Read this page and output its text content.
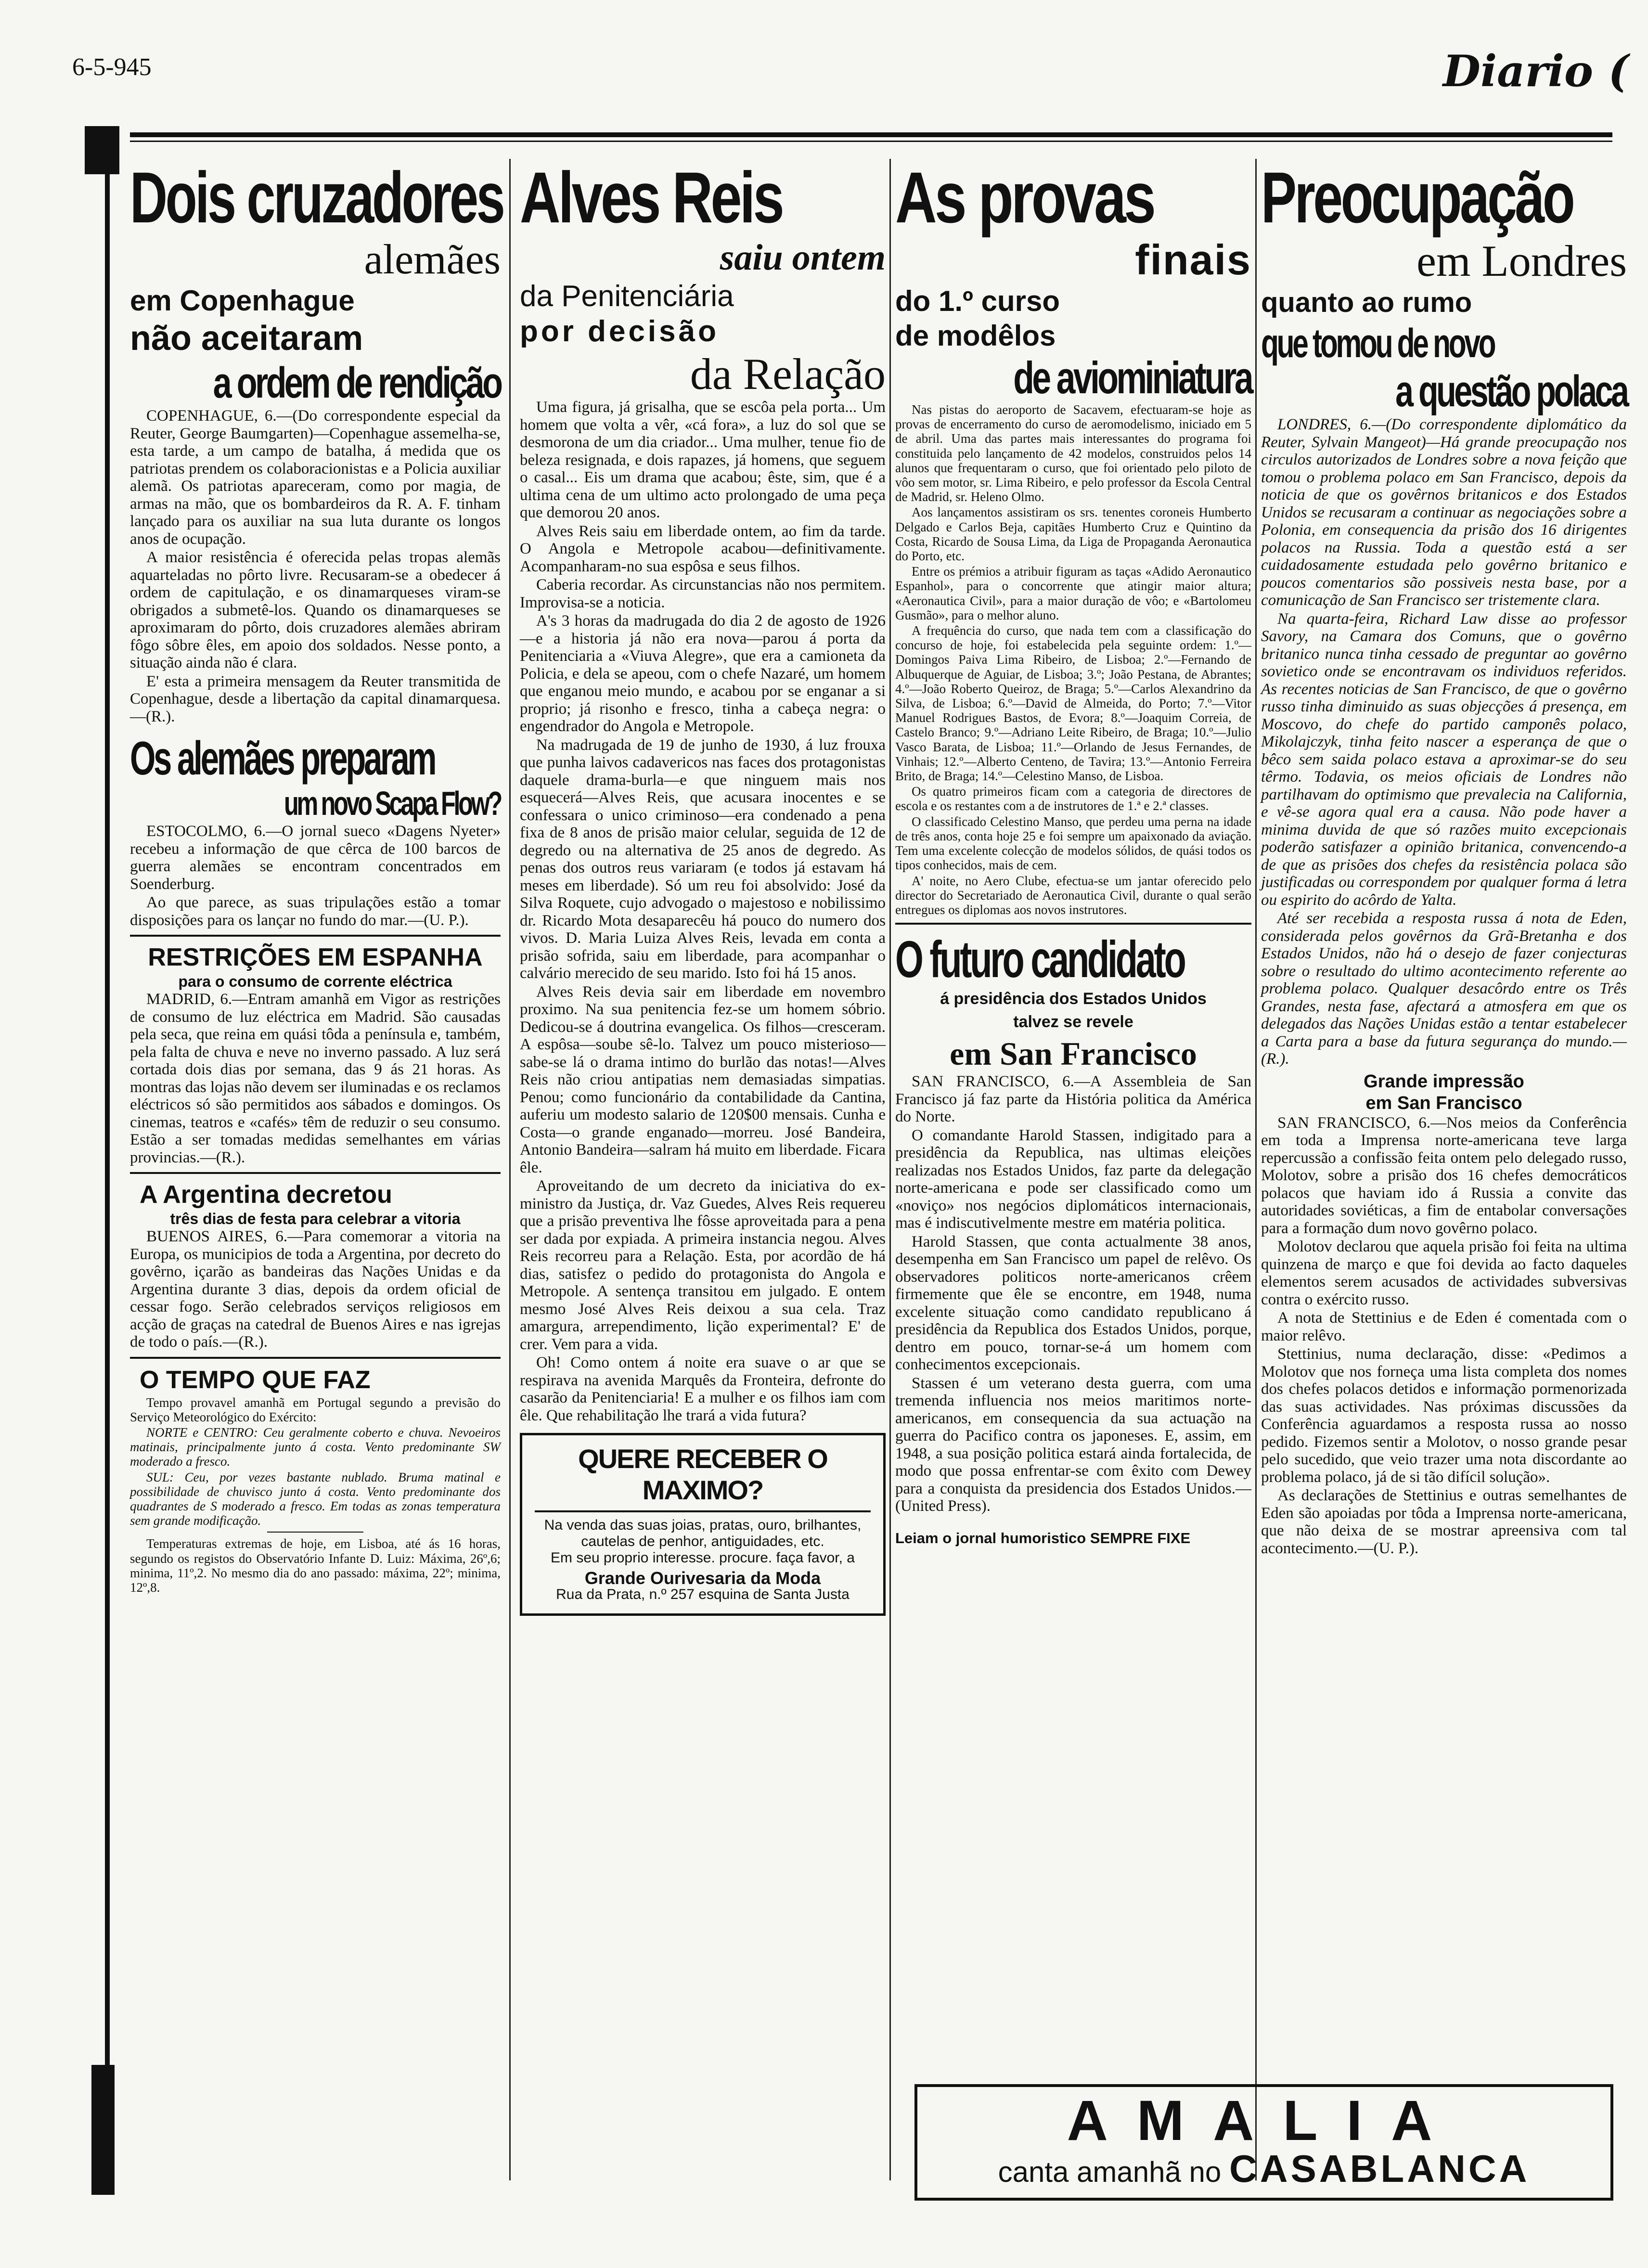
6-5-945	Diario (
Dois cruzadores
alemães
em Copenhague
não aceitaram
a ordem de rendição

COPENHAGUE, 6.—(Do correspondente especial da Reuter, George Baumgarten)—Copenhague assemelha-se, esta tarde, a um campo de batalha, á medida que os patriotas prendem os colaboracionistas e a Policia auxiliar alemã. Os patriotas apareceram, como por magia, de armas na mão, que os bombardeiros da R. A. F. tinham lançado para os auxiliar na sua luta durante os longos anos de ocupação.

A maior resistência é oferecida pelas tropas alemãs aquarteladas no pôrto livre. Recusaram-se a obedecer á ordem de capitulação, e os dinamarqueses viram-se obrigados a submetê-los. Quando os dinamarqueses se aproximaram do pôrto, dois cruzadores alemães abriram fôgo sôbre êles, em apoio dos soldados. Nesse ponto, a situação ainda não é clara.

E' esta a primeira mensagem da Reuter transmitida de Copenhague, desde a libertação da capital dinamarquesa.—(R.).

Os alemães preparam
um novo Scapa Flow?

ESTOCOLMO, 6.—O jornal sueco «Dagens Nyeter» recebeu a informação de que cêrca de 100 barcos de guerra alemães se encontram concentrados em Soenderburg.

Ao que parece, as suas tripulações estão a tomar disposições para os lançar no fundo do mar.—(U. P.).

RESTRIÇÕES EM ESPANHA
para o consumo de corrente eléctrica

MADRID, 6.—Entram amanhã em Vigor as restrições de consumo de luz eléctrica em Madrid. São causadas pela seca, que reina em quási tôda a península e, também, pela falta de chuva e neve no inverno passado. A luz será cortada dois dias por semana, das 9 ás 21 horas. As montras das lojas não devem ser iluminadas e os reclamos eléctricos só são permitidos aos sábados e domingos. Os cinemas, teatros e «cafés» têm de reduzir o seu consumo. Estão a ser tomadas medidas semelhantes em várias provincias.—(R.).

A Argentina decretou
três dias de festa para celebrar a vitoria

BUENOS AIRES, 6.—Para comemorar a vitoria na Europa, os municipios de toda a Argentina, por decreto do govêrno, içarão as bandeiras das Nações Unidas e da Argentina durante 3 dias, depois da ordem oficial de cessar fogo. Serão celebrados serviços religiosos em acção de graças na catedral de Buenos Aires e nas igrejas de todo o país.—(R.).

O TEMPO QUE FAZ

Tempo provavel amanhã em Portugal segundo a previsão do Serviço Meteorológico do Exército:

NORTE e CENTRO: Ceu geralmente coberto e chuva. Nevoeiros matinais, principalmente junto á costa. Vento predominante SW moderado a fresco.

SUL: Ceu, por vezes bastante nublado. Bruma matinal e possibilidade de chuvisco junto á costa. Vento predominante dos quadrantes de S moderado a fresco. Em todas as zonas temperatura sem grande modificação.

Temperaturas extremas de hoje, em Lisboa, até ás 16 horas, segundo os registos do Observatório Infante D. Luiz: Máxima, 26º,6; minima, 11º,2. No mesmo dia do ano passado: máxima, 22º; minima, 12º,8.

Alves Reis
saiu ontem
da Penitenciária
por decisão
da Relação

Uma figura, já grisalha, que se escôa pela porta... Um homem que volta a vêr, «cá fora», a luz do sol que se desmorona de um dia criador... Uma mulher, tenue fio de beleza resignada, e dois rapazes, já homens, que seguem o casal... Eis um drama que acabou; êste, sim, que é a ultima cena de um ultimo acto prolongado de uma peça que demorou 20 anos.

Alves Reis saiu em liberdade ontem, ao fim da tarde. O Angola e Metropole acabou—definitivamente. Acompanharam-no sua espôsa e seus filhos.

Caberia recordar. As circunstancias não nos permitem. Improvisa-se a noticia.

A's 3 horas da madrugada do dia 2 de agosto de 1926—e a historia já não era nova—parou á porta da Penitenciaria a «Viuva Alegre», que era a camioneta da Policia, e dela se apeou, com o chefe Nazaré, um homem que enganou meio mundo, e acabou por se enganar a si proprio; já risonho e fresco, tinha a cabeça negra: o engendrador do Angola e Metropole.

Na madrugada de 19 de junho de 1930, á luz frouxa que punha laivos cadavericos nas faces dos protagonistas daquele drama-burla—e que ninguem mais nos esquecerá—Alves Reis, que acusara inocentes e se confessara o unico criminoso—era condenado a pena fixa de 8 anos de prisão maior celular, seguida de 12 de degredo ou na alternativa de 25 anos de degredo. As penas dos outros reus variaram (e todos já estavam há meses em liberdade). Só um reu foi absolvido: José da Silva Roquete, cujo advogado o majestoso e nobilissimo dr. Ricardo Mota desaparecêu há pouco do numero dos vivos. D. Maria Luiza Alves Reis, levada em conta a prisão sofrida, saiu em liberdade, para acompanhar o calvário merecido de seu marido. Isto foi há 15 anos.

Alves Reis devia sair em liberdade em novembro proximo. Na sua penitencia fez-se um homem sóbrio. Dedicou-se á doutrina evangelica. Os filhos—cresceram. A espôsa—soube sê-lo. Talvez um pouco misterioso—sabe-se lá o drama intimo do burlão das notas!—Alves Reis não criou antipatias nem demasiadas simpatias. Penou; como funcionário da contabilidade da Cantina, auferiu um modesto salario de 120$00 mensais. Cunha e Costa—o grande enganado—morreu. José Bandeira, Antonio Bandeira—salram há muito em liberdade. Ficara êle.

Aproveitando de um decreto da iniciativa do ex-ministro da Justiça, dr. Vaz Guedes, Alves Reis requereu que a prisão preventiva lhe fôsse aproveitada para a pena ser dada por expiada. A primeira instancia negou. Alves Reis recorreu para a Relação. Esta, por acordão de há dias, satisfez o pedido do protagonista do Angola e Metropole. A sentença transitou em julgado. E ontem mesmo José Alves Reis deixou a sua cela. Traz amargura, arrependimento, lição experimental? E' de crer. Vem para a vida.

Oh! Como ontem á noite era suave o ar que se respirava na avenida Marquês da Fronteira, defronte do casarão da Penitenciaria! E a mulher e os filhos iam com êle. Que rehabilitação lhe trará a vida futura?

QUERE RECEBER O MAXIMO?
Na venda das suas joias, pratas, ouro, brilhantes, cautelas de penhor, antiguidades, etc.
Em seu proprio interesse. procure. faça favor, a
Grande Ourivesaria da Moda
Rua da Prata, n.º 257 esquina de Santa Justa
As provas
finais
do 1.º curso
de modêlos
de aviominiatura

Nas pistas do aeroporto de Sacavem, efectuaram-se hoje as provas de encerramento do curso de aeromodelismo, iniciado em 5 de abril. Uma das partes mais interessantes do programa foi constituida pelo lançamento de 42 modelos, construidos pelos 14 alunos que frequentaram o curso, que foi orientado pelo piloto de vôo sem motor, sr. Lima Ribeiro, e pelo professor da Escola Central de Madrid, sr. Heleno Olmo.

Aos lançamentos assistiram os srs. tenentes coroneis Humberto Delgado e Carlos Beja, capitães Humberto Cruz e Quintino da Costa, Ricardo de Sousa Lima, da Liga de Propaganda Aeronautica do Porto, etc.

Entre os prémios a atribuir figuram as taças «Adido Aeronautico Espanhol», para o concorrente que atingir maior altura; «Aeronautica Civil», para a maior duração de vôo; e «Bartolomeu Gusmão», para o melhor aluno.

A frequência do curso, que nada tem com a classificação do concurso de hoje, foi estabelecida pela seguinte ordem: 1.º—Domingos Paiva Lima Ribeiro, de Lisboa; 2.º—Fernando de Albuquerque de Aguiar, de Lisboa; 3.º; João Pestana, de Abrantes; 4.º—João Roberto Queiroz, de Braga; 5.º—Carlos Alexandrino da Silva, de Lisboa; 6.º—David de Almeida, do Porto; 7.º—Vitor Manuel Rodrigues Bastos, de Evora; 8.º—Joaquim Correia, de Castelo Branco; 9.º—Adriano Leite Ribeiro, de Braga; 10.º—Julio Vasco Barata, de Lisboa; 11.º—Orlando de Jesus Fernandes, de Vinhais; 12.º—Alberto Centeno, de Tavira; 13.º—Antonio Ferreira Brito, de Braga; 14.º—Celestino Manso, de Lisboa.

Os quatro primeiros ficam com a categoria de directores de escola e os restantes com a de instrutores de 1.ª e 2.ª classes.

O classificado Celestino Manso, que perdeu uma perna na idade de três anos, conta hoje 25 e foi sempre um apaixonado da aviação. Tem uma excelente colecção de modelos sólidos, de quási todos os tipos conhecidos, mais de cem.

A' noite, no Aero Clube, efectua-se um jantar oferecido pelo director do Secretariado de Aeronautica Civil, durante o qual serão entregues os diplomas aos novos instrutores.

O futuro candidato
á presidência dos Estados Unidos
talvez se revele
em San Francisco

SAN FRANCISCO, 6.—A Assembleia de San Francisco já faz parte da História politica da América do Norte.

O comandante Harold Stassen, indigitado para a presidência da Republica, nas ultimas eleições realizadas nos Estados Unidos, faz parte da delegação norte-americana e pode ser classificado como um «noviço» nos negócios diplomáticos internacionais, mas é indiscutivelmente mestre em matéria politica.

Harold Stassen, que conta actualmente 38 anos, desempenha em San Francisco um papel de relêvo. Os observadores politicos norte-americanos crêem firmemente que êle se encontre, em 1948, numa excelente situação como candidato republicano á presidência da Republica dos Estados Unidos, porque, dentro em pouco, tornar-se-á um homem com conhecimentos excepcionais.

Stassen é um veterano desta guerra, com uma tremenda influencia nos meios maritimos norte-americanos, em consequencia da sua actuação na guerra do Pacifico contra os japoneses. E, assim, em 1948, a sua posição politica estará ainda fortalecida, de modo que possa enfrentar-se com êxito com Dewey para a conquista da presidencia dos Estados Unidos.—(United Press).

Leiam o jornal humoristico SEMPRE FIXE
Preocupação
em Londres
quanto ao rumo
que tomou de novo
a questão polaca

LONDRES, 6.—(Do correspondente diplomático da Reuter, Sylvain Mangeot)—Há grande preocupação nos circulos autorizados de Londres sobre a nova feição que tomou o problema polaco em San Francisco, depois da noticia de que os govêrnos britanicos e dos Estados Unidos se recusaram a continuar as negociações sobre a Polonia, em consequencia da prisão dos 16 dirigentes polacos na Russia. Toda a questão está a ser cuidadosamente estudada pelo govêrno britanico e poucos comentarios são possiveis nesta base, por a comunicação de San Francisco ser tristemente clara.

Na quarta-feira, Richard Law disse ao professor Savory, na Camara dos Comuns, que o govêrno britanico nunca tinha cessado de preguntar ao govêrno sovietico onde se encontravam os individuos referidos. As recentes noticias de San Francisco, de que o govêrno russo tinha diminuido as suas objecções á presença, em Moscovo, do chefe do partido camponês polaco, Mikolajczyk, tinha feito nascer a esperança de que o bêco sem saida polaco estava a aproximar-se do seu têrmo. Todavia, os meios oficiais de Londres não partilhavam do optimismo que prevalecia na California, e vê-se agora qual era a causa. Não pode haver a minima duvida de que só razões muito excepcionais poderão satisfazer a opinião britanica, convencendo-a de que as prisões dos chefes da resistência polaca são justificadas ou correspondem por qualquer forma á letra ou espirito do acôrdo de Yalta.

Até ser recebida a resposta russa á nota de Eden, considerada pelos govêrnos da Grã-Bretanha e dos Estados Unidos, não há o desejo de fazer conjecturas sobre o resultado do ultimo acontecimento referente ao problema polaco. Qualquer desacôrdo entre os Três Grandes, nesta fase, afectará a atmosfera em que os delegados das Nações Unidas estão a tentar estabelecer a Carta para a base da futura segurança do mundo.—(R.).

Grande impressão
em San Francisco

SAN FRANCISCO, 6.—Nos meios da Conferência em toda a Imprensa norte-americana teve larga repercussão a confissão feita ontem pelo delegado russo, Molotov, sobre a prisão dos 16 chefes democráticos polacos que haviam ido á Russia a convite das autoridades soviéticas, a fim de entabolar conversações para a formação dum novo govêrno polaco.

Molotov declarou que aquela prisão foi feita na ultima quinzena de março e que foi devida ao facto daqueles elementos serem acusados de actividades subversivas contra o exército russo.

A nota de Stettinius e de Eden é comentada com o maior relêvo.

Stettinius, numa declaração, disse: «Pedimos a Molotov que nos forneça uma lista completa dos nomes dos chefes polacos detidos e informação pormenorizada das suas actividades. Nas próximas discussões da Conferência aguardamos a resposta russa ao nosso pedido. Fizemos sentir a Molotov, o nosso grande pesar pelo sucedido, que veio trazer uma nota discordante ao problema polaco, já de si tão difícil solução».

As declarações de Stettinius e outras semelhantes de Eden são apoiadas por tôda a Imprensa norte-americana, que não deixa de se mostrar apreensiva com tal acontecimento.—(U. P.).

AMALIA
canta amanhã no CASABLANCA
